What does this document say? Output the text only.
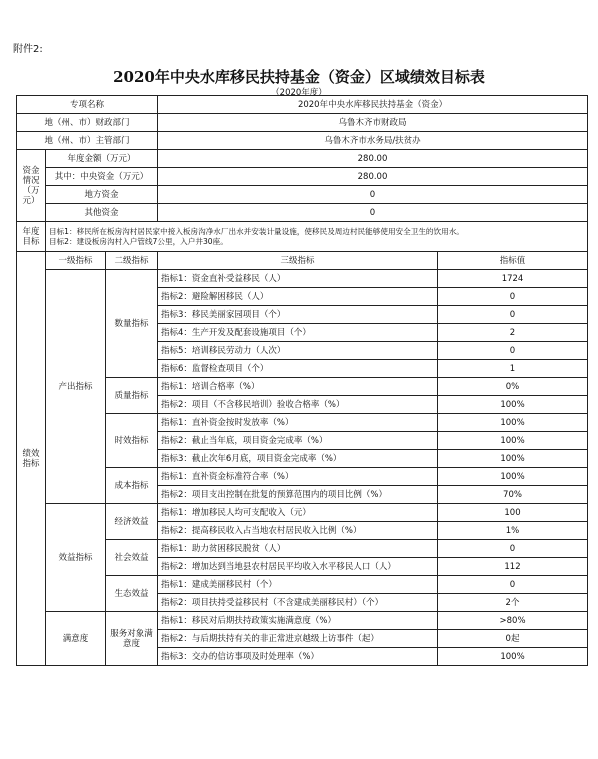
附件2:
2020年中央水库移民扶持基金（资金）区域绩效目标表
（2020年度）
专项名称			2020年中央水库移民扶持基金（资金）	
地（州、市）财政部门			乌鲁木齐市财政局	
地（州、市）主管部门			乌鲁木齐市水务局/扶贫办	
资金情况（万元）	年度金额（万元）		280.00	
	其中：中央资金（万元）		280.00	
	地方资金		0	
	其他资金		0	
年度目标	目标1：移民所在板房沟村居民家中接入板房沟净水厂出水并安装计量设施，使移民及周边村民能够使用安全卫生的饮用水。
目标2：建设板房沟村入户管线7公里，入户井30座。			

绩效指标	一级指标	二级指标	三级指标	指标值
	产出指标	数量指标	指标1：资金直补受益移民（人）	1724
			指标2：避险解困移民（人）	0
			指标3：移民美丽家园项目（个）	0
			指标4：生产开发及配套设施项目（个）	2
			指标5：培训移民劳动力（人次）	0
			指标6：监督检查项目（个）	1
		质量指标	指标1：培训合格率（%）	0%
			指标2：项目（不含移民培训）验收合格率（%）	100%
		时效指标	指标1：直补资金按时发放率（%）	100%
			指标2：截止当年底，项目资金完成率（%）	100%
			指标3：截止次年6月底，项目资金完成率（%）	100%
		成本指标	指标1：直补资金标准符合率（%）	100%
			指标2：项目支出控制在批复的预算范围内的项目比例（%）	70%
	效益指标	经济效益	指标1：增加移民人均可支配收入（元）	100
			指标2：提高移民收入占当地农村居民收入比例（%）	1%
		社会效益	指标1：助力贫困移民脱贫（人）	0
			指标2：增加达到当地县农村居民平均收入水平移民人口（人）	112
		生态效益	指标1：建成美丽移民村（个）	0
			指标2：项目扶持受益移民村（不含建成美丽移民村）（个）	2个
	满意度	服务对象满意度	指标1：移民对后期扶持政策实施满意度（%）	>80%
			指标2：与后期扶持有关的非正常进京越级上访事件（起）	0起
			指标3：交办的信访事项及时处理率（%）	100%
